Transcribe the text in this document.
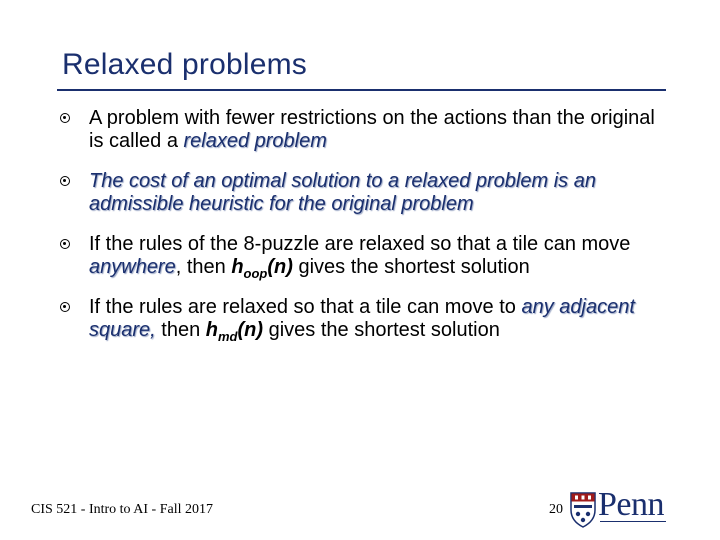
Relaxed problems
A problem with fewer restrictions on the actions than the original is called a relaxed problem
The cost of an optimal solution to a relaxed problem is an admissible heuristic for the original problem
If the rules of the 8-puzzle are relaxed so that a tile can move anywhere, then $h_{oop}(n)$ gives the shortest solution
If the rules are relaxed so that a tile can move to any adjacent square, then $h_{md}(n)$ gives the shortest solution
CIS 521 - Intro to AI - Fall 2017	20 Penn
